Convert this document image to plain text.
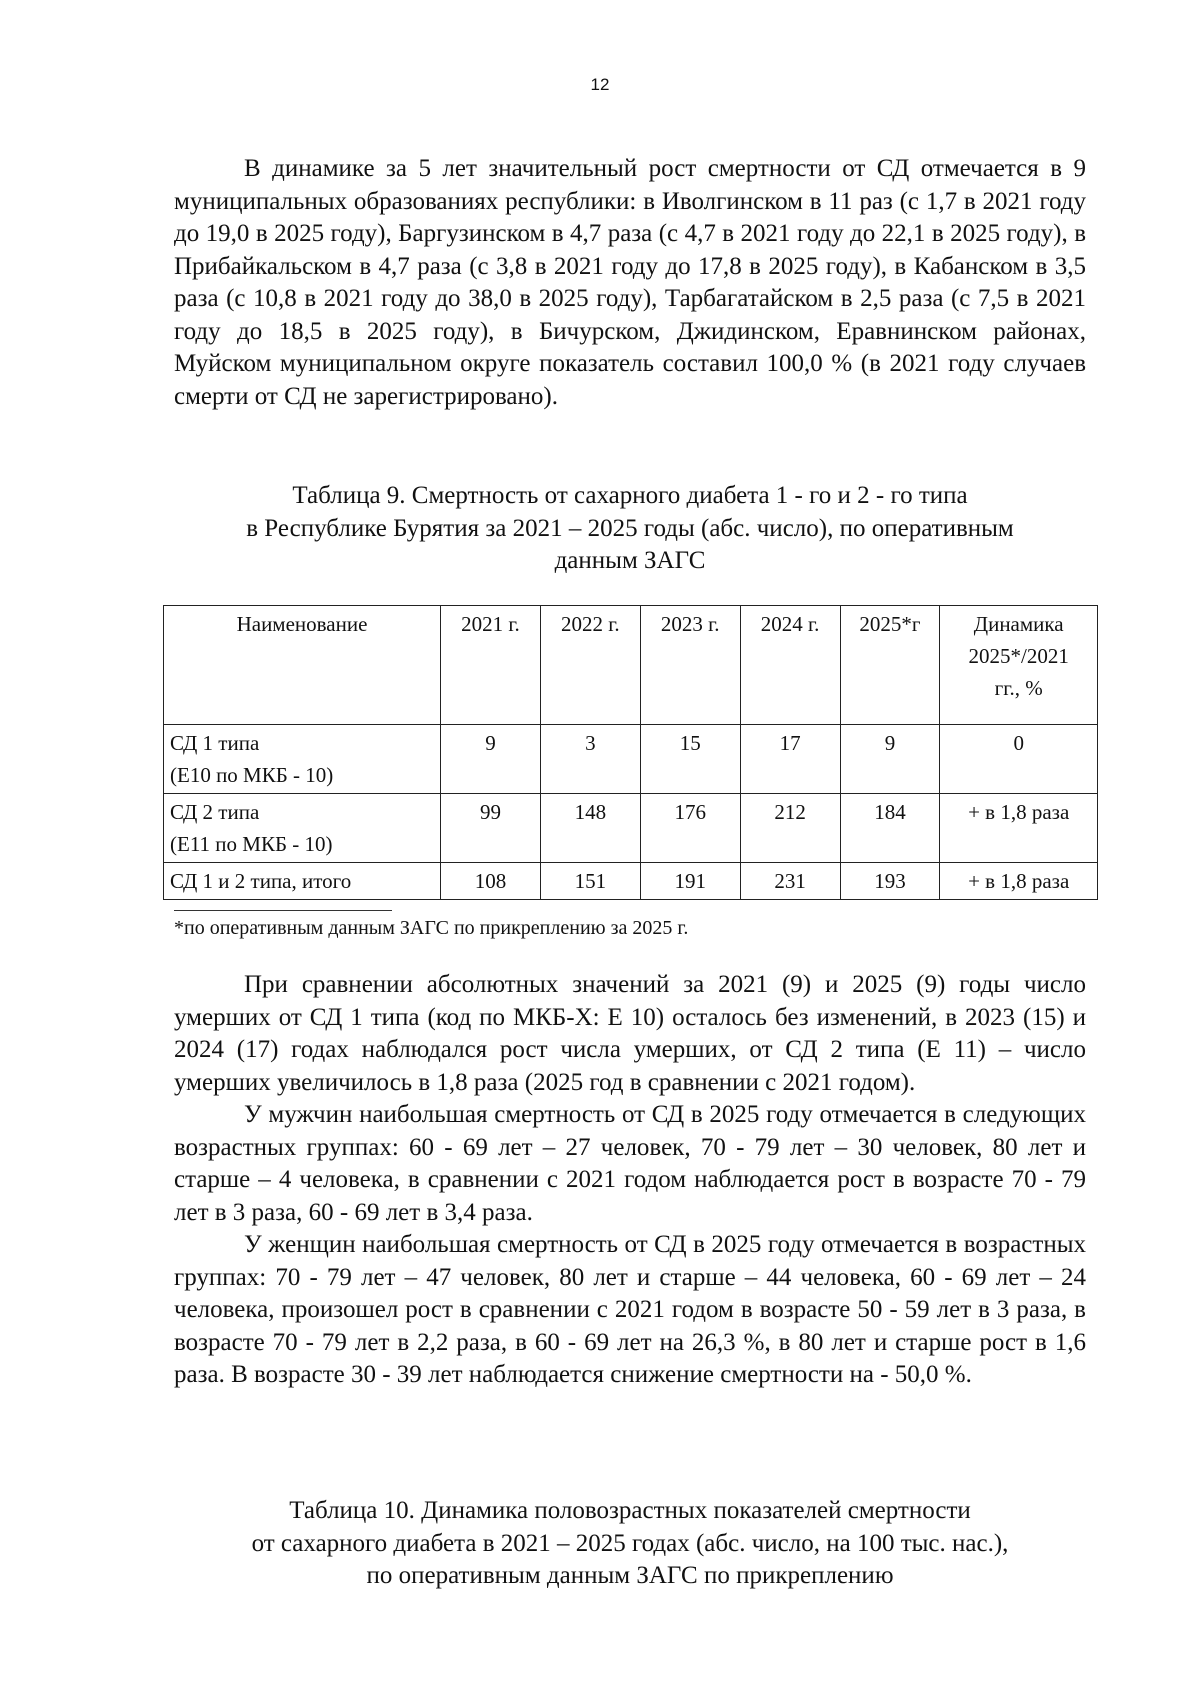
12

В динамике за 5 лет значительный рост смертности от СД отмечается в 9 муниципальных образованиях республики: в Иволгинском в 11 раз (с 1,7 в 2021 году до 19,0 в 2025 году), Баргузинском в 4,7 раза (с 4,7 в 2021 году до 22,1 в 2025 году), в Прибайкальском в 4,7 раза (с 3,8 в 2021 году до 17,8 в 2025 году), в Кабанском в 3,5 раза (с 10,8 в 2021 году до 38,0 в 2025 году), Тарбагатайском в 2,5 раза (с 7,5 в 2021 году до 18,5 в 2025 году), в Бичурском, Джидинском, Еравнинском районах, Муйском муниципальном округе показатель составил 100,0 % (в 2021 году случаев смерти от СД не зарегистрировано).

Таблица 9. Смертность от сахарного диабета 1 - го и 2 - го типа
в Республике Бурятия за 2021 – 2025 годы (абс. число), по оперативным
данным ЗАГС
Наименование	2021 г.	2022 г.	2023 г.	2024 г.	2025*г	Динамика
2025*/2021
гг., %

СД 1 типа
(Е10 по МКБ - 10)	9	3	15	17	9	0

СД 2 типа
(Е11 по МКБ - 10)	99	148	176	212	184	+ в 1,8 раза

СД 1 и 2 типа, итого	108	151	191	231	193	+ в 1,8 раза
*по оперативным данным ЗАГС по прикреплению за 2025 г.

При сравнении абсолютных значений за 2021 (9) и 2025 (9) годы число умерших от СД 1 типа (код по МКБ-Х: Е 10) осталось без изменений, в 2023 (15) и 2024 (17) годах наблюдался рост числа умерших, от СД 2 типа (Е 11) – число умерших увеличилось в 1,8 раза (2025 год в сравнении с 2021 годом).

У мужчин наибольшая смертность от СД в 2025 году отмечается в следующих возрастных группах: 60 - 69 лет – 27 человек, 70 - 79 лет – 30 человек, 80 лет и старше – 4 человека, в сравнении с 2021 годом наблюдается рост в возрасте 70 - 79 лет в 3 раза, 60 - 69 лет в 3,4 раза.

У женщин наибольшая смертность от СД в 2025 году отмечается в возрастных группах: 70 - 79 лет – 47 человек, 80 лет и старше – 44 человека, 60 - 69 лет – 24 человека, произошел рост в сравнении с 2021 годом в возрасте 50 - 59 лет в 3 раза, в возрасте 70 - 79 лет в 2,2 раза, в 60 - 69 лет на 26,3 %, в 80 лет и старше рост в 1,6 раза. В возрасте 30 - 39 лет наблюдается снижение смертности на - 50,0 %.

Таблица 10. Динамика половозрастных показателей смертности
от сахарного диабета в 2021 – 2025 годах (абс. число, на 100 тыс. нас.),
по оперативным данным ЗАГС по прикреплению
